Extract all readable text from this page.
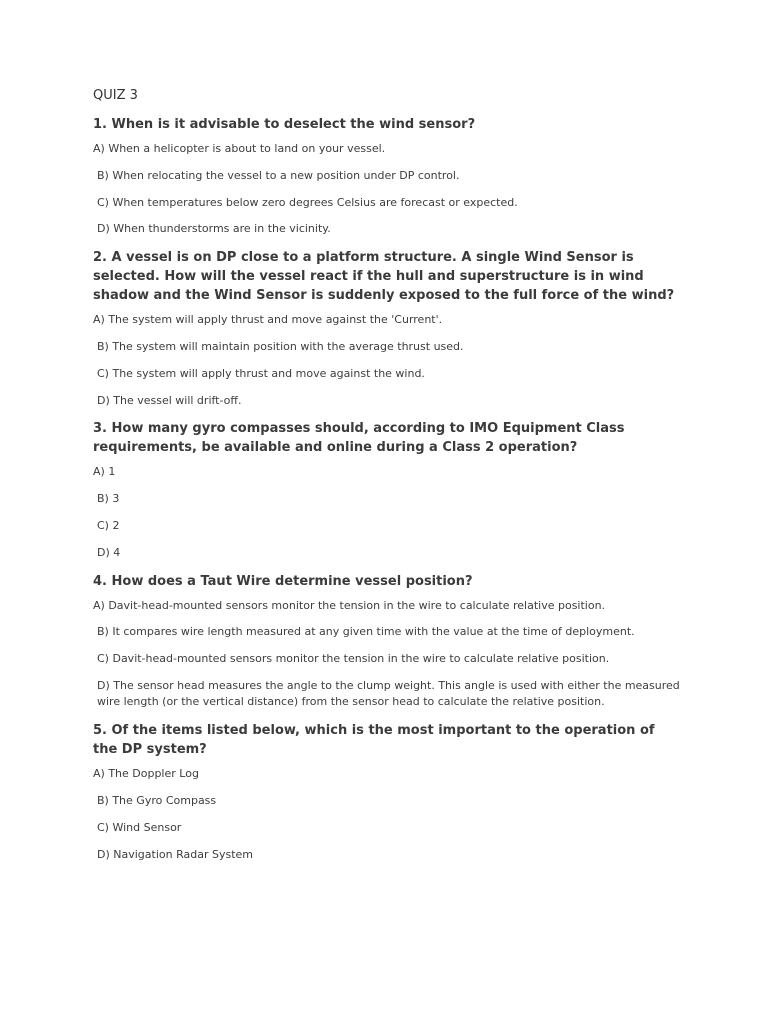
QUIZ 3
1. When is it advisable to deselect the wind sensor?
A) When a helicopter is about to land on your vessel.
B) When relocating the vessel to a new position under DP control.
C) When temperatures below zero degrees Celsius are forecast or expected.
D) When thunderstorms are in the vicinity.
2. A vessel is on DP close to a platform structure. A single Wind Sensor is selected. How will the vessel react if the hull and superstructure is in wind shadow and the Wind Sensor is suddenly exposed to the full force of the wind?
A) The system will apply thrust and move against the 'Current'.
B) The system will maintain position with the average thrust used.
C) The system will apply thrust and move against the wind.
D) The vessel will drift-off.
3. How many gyro compasses should, according to IMO Equipment Class requirements, be available and online during a Class 2 operation?
A) 1
B) 3
C) 2
D) 4
4. How does a Taut Wire determine vessel position?
A) Davit-head-mounted sensors monitor the tension in the wire to calculate relative position.
B) It compares wire length measured at any given time with the value at the time of deployment.
C) Davit-head-mounted sensors monitor the tension in the wire to calculate relative position.
D) The sensor head measures the angle to the clump weight. This angle is used with either the measured wire length (or the vertical distance) from the sensor head to calculate the relative position.
5. Of the items listed below, which is the most important to the operation of the DP system?
A) The Doppler Log
B) The Gyro Compass
C) Wind Sensor
D) Navigation Radar System
